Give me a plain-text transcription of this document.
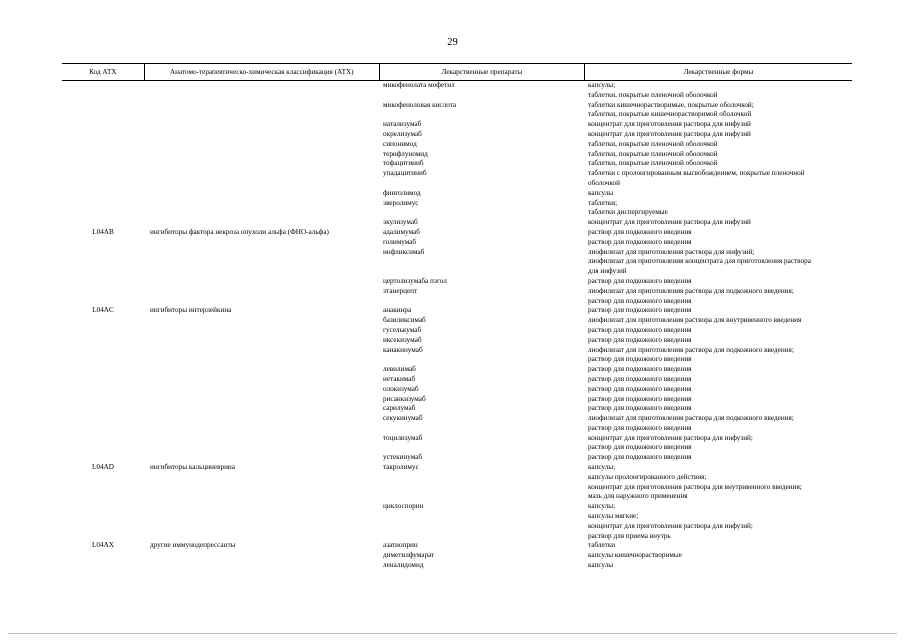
29
Код АТХ	Анатомо-терапевтическо-химическая классификация (АТХ)	Лекарственные препараты	Лекарственные формы
микофенолата мофетил	капсулы;
таблетки, покрытые пленочной оболочкой
микофеноловая кислота	таблетки кишечнорастворимые, покрытые оболочкой;
таблетки, покрытые кишечнорастворимой оболочкой
натализумаб	концентрат для приготовления раствора для инфузий
окрелизумаб	концентрат для приготовления раствора для инфузий
сипонимод	таблетки, покрытые пленочной оболочкой
терифлуномид	таблетки, покрытые пленочной оболочкой
тофацитиниб	таблетки, покрытые пленочной оболочкой
упадацитиниб	таблетки с пролонгированным высвобождением, покрытые пленочной
оболочкой
финголимод	капсулы
эверолимус	таблетки;
таблетки диспергируемые
экулизумаб	концентрат для приготовления раствора для инфузий
L04AB	ингибиторы фактора некроза опухоли альфа (ФНО-альфа)	адалимумаб	раствор для подкожного введения
голимумаб	раствор для подкожного введения
инфликсимаб	лиофилизат для приготовления раствора для инфузий;
лиофилизат для приготовления концентрата для приготовления раствора
для инфузий
цертолизумаба пэгол	раствор для подкожного введения
этанерцепт	лиофилизат для приготовления раствора для подкожного введения;
раствор для подкожного введения
L04AC	ингибиторы интерлейкина	анакинра	раствор для подкожного введения
базиликсимаб	лиофилизат для приготовления раствора для внутривенного введения
гуселькумаб	раствор для подкожного введения
иксекизумаб	раствор для подкожного введения
канакинумаб	лиофилизат для приготовления раствора для подкожного введения;
раствор для подкожного введения
левилимаб	раствор для подкожного введения
нетакимаб	раствор для подкожного введения
олокизумаб	раствор для подкожного введения
рисанкизумаб	раствор для подкожного введения
сарилумаб	раствор для подкожного введения
секукинумаб	лиофилизат для приготовления раствора для подкожного введения;
раствор для подкожного введения
тоцилизумаб	концентрат для приготовления раствора для инфузий;
раствор для подкожного введения
устекинумаб	раствор для подкожного введения
L04AD	ингибиторы кальциневрина	такролимус	капсулы;
капсулы пролонгированного действия;
концентрат для приготовления раствора для внутривенного введения;
мазь для наружного применения
циклоспорин	капсулы;
капсулы мягкие;
концентрат для приготовления раствора для инфузий;
раствор для приема внутрь
L04AX	другие иммунодепрессанты	азатиоприн	таблетки
диметилфумарат	капсулы кишечнорастворимые
леналидомид	капсулы
